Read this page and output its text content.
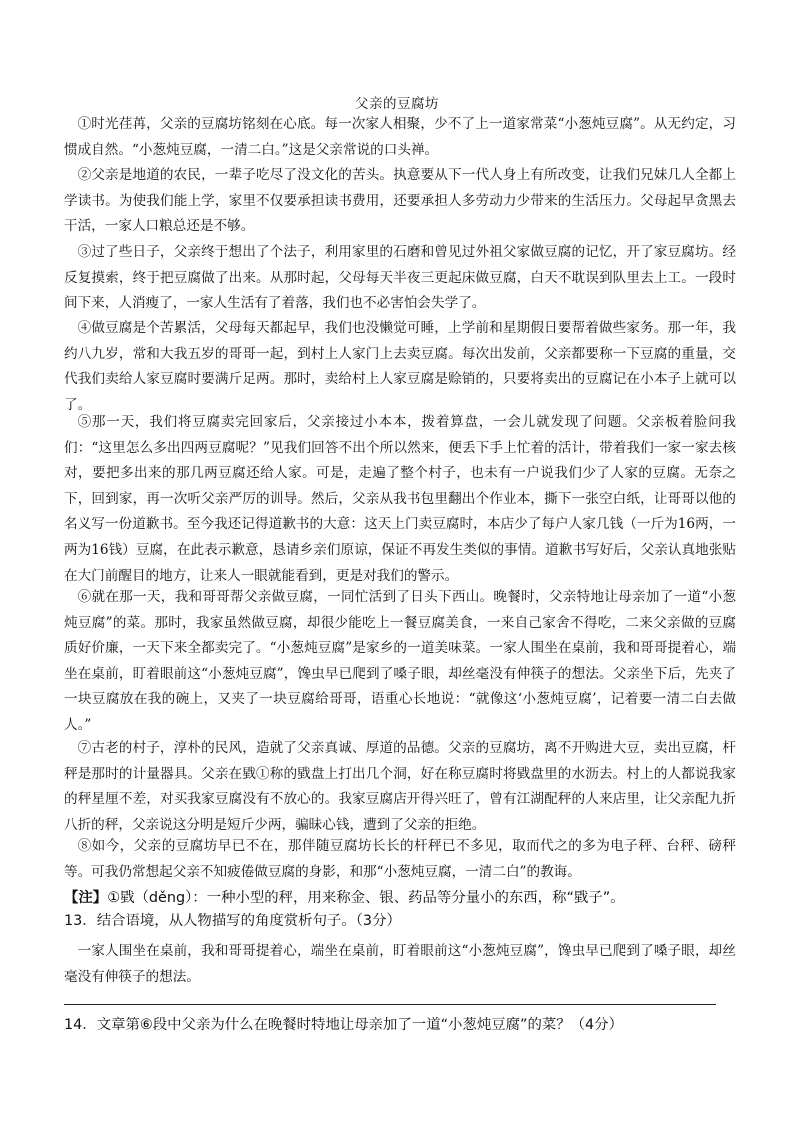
父亲的豆腐坊

①时光荏苒，父亲的豆腐坊铭刻在心底。每一次家人相聚，少不了上一道家常菜“小葱炖豆腐”。从无约定，习惯成自然。“小葱炖豆腐，一清二白。”这是父亲常说的口头禅。

②父亲是地道的农民，一辈子吃尽了没文化的苦头。执意要从下一代人身上有所改变，让我们兄妹几人全都上学读书。为使我们能上学，家里不仅要承担读书费用，还要承担人多劳动力少带来的生活压力。父母起早贪黑去干活，一家人口粮总还是不够。

③过了些日子，父亲终于想出了个法子，利用家里的石磨和曾见过外祖父家做豆腐的记忆，开了家豆腐坊。经反复摸索，终于把豆腐做了出来。从那时起，父母每天半夜三更起床做豆腐，白天不耽误到队里去上工。一段时间下来，人消瘦了，一家人生活有了着落，我们也不必害怕会失学了。

④做豆腐是个苦累活，父母每天都起早，我们也没懒觉可睡，上学前和星期假日要帮着做些家务。那一年，我约八九岁，常和大我五岁的哥哥一起，到村上人家门上去卖豆腐。每次出发前，父亲都要称一下豆腐的重量，交代我们卖给人家豆腐时要满斤足两。那时，卖给村上人家豆腐是赊销的，只要将卖出的豆腐记在小本子上就可以了。

⑤那一天，我们将豆腐卖完回家后，父亲接过小本本，拨着算盘，一会儿就发现了问题。父亲板着脸问我们：“这里怎么多出四两豆腐呢？”见我们回答不出个所以然来，便丢下手上忙着的活计，带着我们一家一家去核对，要把多出来的那几两豆腐还给人家。可是，走遍了整个村子，也未有一户说我们少了人家的豆腐。无奈之下，回到家，再一次听父亲严厉的训导。然后，父亲从我书包里翻出个作业本，撕下一张空白纸，让哥哥以他的名义写一份道歉书。至今我还记得道歉书的大意：这天上门卖豆腐时，本店少了每户人家几钱（一斤为16两，一两为16钱）豆腐，在此表示歉意，恳请乡亲们原谅，保证不再发生类似的事情。道歉书写好后，父亲认真地张贴在大门前醒目的地方，让来人一眼就能看到，更是对我们的警示。

⑥就在那一天，我和哥哥帮父亲做豆腐，一同忙活到了日头下西山。晚餐时，父亲特地让母亲加了一道“小葱炖豆腐”的菜。那时，我家虽然做豆腐，却很少能吃上一餐豆腐美食，一来自己家舍不得吃，二来父亲做的豆腐质好价廉，一天下来全都卖完了。“小葱炖豆腐”是家乡的一道美味菜。一家人围坐在桌前，我和哥哥提着心，端坐在桌前，盯着眼前这“小葱炖豆腐”，馋虫早已爬到了嗓子眼，却丝毫没有伸筷子的想法。父亲坐下后，先夹了一块豆腐放在我的碗上，又夹了一块豆腐给哥哥，语重心长地说：“就像这‘小葱炖豆腐’，记着要一清二白去做人。”

⑦古老的村子，淳朴的民风，造就了父亲真诚、厚道的品德。父亲的豆腐坊，离不开购进大豆，卖出豆腐，杆秤是那时的计量器具。父亲在戥①称的戥盘上打出几个洞，好在称豆腐时将戥盘里的水沥去。村上的人都说我家的秤星厘不差，对买我家豆腐没有不放心的。我家豆腐店开得兴旺了，曾有江湖配秤的人来店里，让父亲配九折八折的秤，父亲说这分明是短斤少两，骗昧心钱，遭到了父亲的拒绝。

⑧如今，父亲的豆腐坊早已不在，那伴随豆腐坊长长的杆秤已不多见，取而代之的多为电子秤、台秤、磅秤等。可我仍常想起父亲不知疲倦做豆腐的身影，和那“小葱炖豆腐，一清二白”的教诲。

【注】①戥（děng）：一种小型的秤，用来称金、银、药品等分量小的东西，称“戥子”。
13．结合语境，从人物描写的角度赏析句子。（3分）
一家人围坐在桌前，我和哥哥提着心，端坐在桌前，盯着眼前这“小葱炖豆腐”，馋虫早已爬到了嗓子眼，却丝毫没有伸筷子的想法。
14．文章第⑥段中父亲为什么在晚餐时特地让母亲加了一道“小葱炖豆腐”的菜？（4分）
